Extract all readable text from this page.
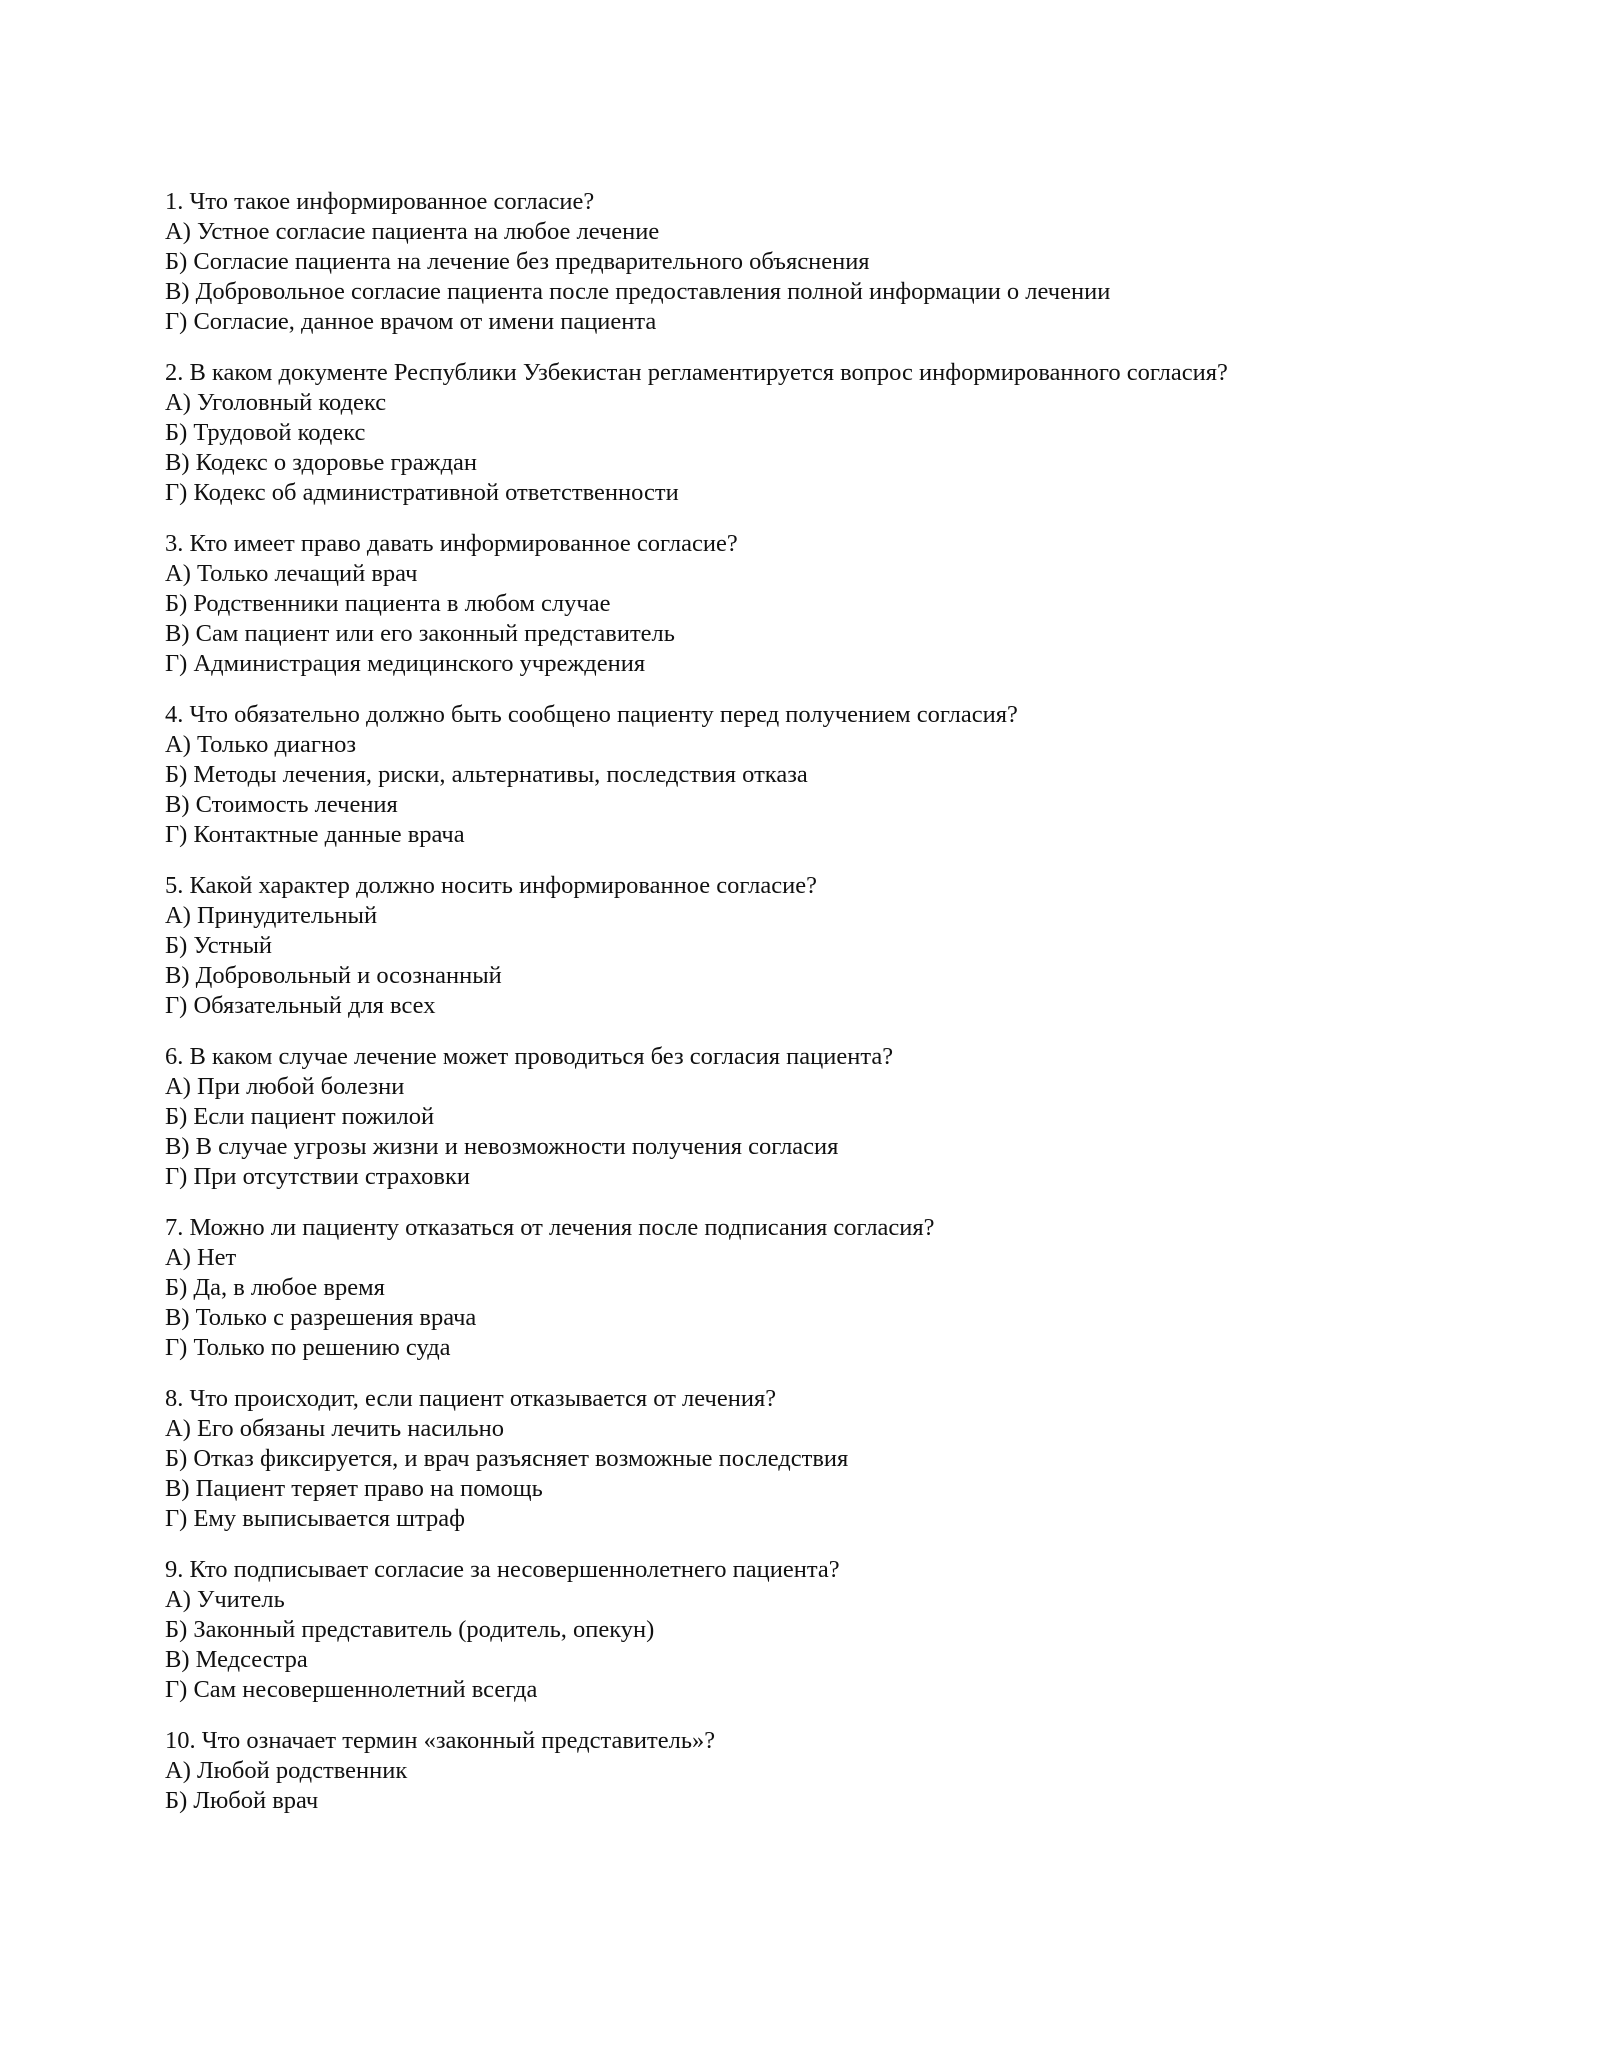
1. Что такое информированное согласие?
А) Устное согласие пациента на любое лечение
Б) Согласие пациента на лечение без предварительного объяснения
В) Добровольное согласие пациента после предоставления полной информации о лечении
Г) Согласие, данное врачом от имени пациента
2. В каком документе Республики Узбекистан регламентируется вопрос информированного согласия?
А) Уголовный кодекс
Б) Трудовой кодекс
В) Кодекс о здоровье граждан
Г) Кодекс об административной ответственности
3. Кто имеет право давать информированное согласие?
А) Только лечащий врач
Б) Родственники пациента в любом случае
В) Сам пациент или его законный представитель
Г) Администрация медицинского учреждения
4. Что обязательно должно быть сообщено пациенту перед получением согласия?
А) Только диагноз
Б) Методы лечения, риски, альтернативы, последствия отказа
В) Стоимость лечения
Г) Контактные данные врача
5. Какой характер должно носить информированное согласие?
А) Принудительный
Б) Устный
В) Добровольный и осознанный
Г) Обязательный для всех
6. В каком случае лечение может проводиться без согласия пациента?
А) При любой болезни
Б) Если пациент пожилой
В) В случае угрозы жизни и невозможности получения согласия
Г) При отсутствии страховки
7. Можно ли пациенту отказаться от лечения после подписания согласия?
А) Нет
Б) Да, в любое время
В) Только с разрешения врача
Г) Только по решению суда
8. Что происходит, если пациент отказывается от лечения?
А) Его обязаны лечить насильно
Б) Отказ фиксируется, и врач разъясняет возможные последствия
В) Пациент теряет право на помощь
Г) Ему выписывается штраф
9. Кто подписывает согласие за несовершеннолетнего пациента?
А) Учитель
Б) Законный представитель (родитель, опекун)
В) Медсестра
Г) Сам несовершеннолетний всегда
10. Что означает термин «законный представитель»?
А) Любой родственник
Б) Любой врач
